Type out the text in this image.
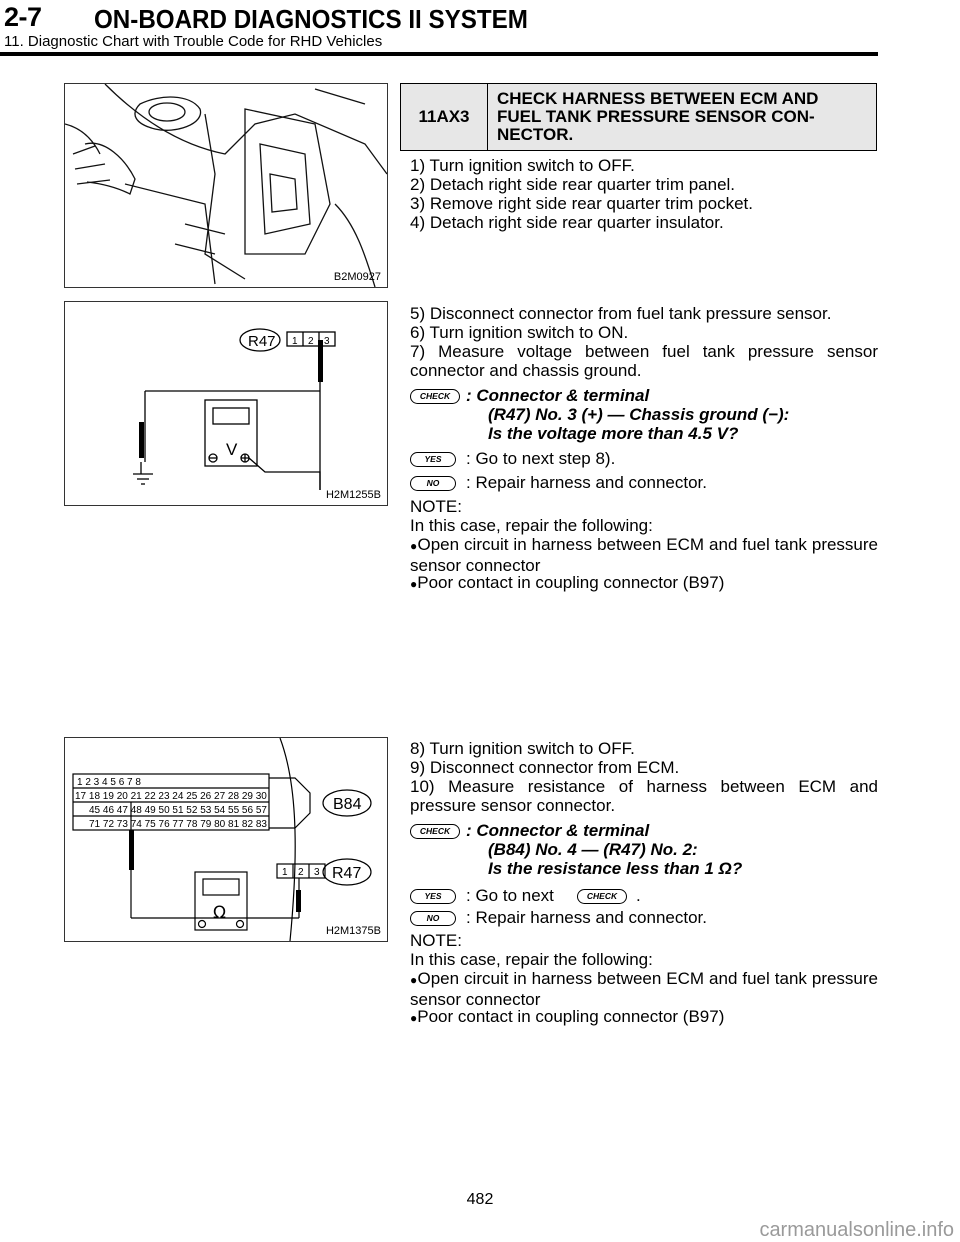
2-7 ON-BOARD DIAGNOSTICS II SYSTEM
11. Diagnostic Chart with Trouble Code for RHD Vehicles
B2M0927
11AX3
CHECK HARNESS BETWEEN ECM AND FUEL TANK PRESSURE SENSOR CON-NECTOR.
1) Turn ignition switch to OFF.
2) Detach right side rear quarter trim panel.
3) Remove right side rear quarter trim pocket.
4) Detach right side rear quarter insulator.
R47 1 2 3
V
H2M1255B
5) Disconnect connector from fuel tank pressure sensor.
6) Turn ignition switch to ON.
7) Measure voltage between fuel tank pressure sensor connector and chassis ground.
CHECK : Connector & terminal
(R47) No. 3 (+) — Chassis ground (−):
Is the voltage more than 4.5 V?
YES	: Go to next step 8).
NO	: Repair harness and connector.
NOTE:
In this case, repair the following:
●Open circuit in harness between ECM and fuel tank pressure sensor connector
●Poor contact in coupling connector (B97)
1 2 3 4 5 6 7 8
17 18 19 20 21 22 23 24 25 26 27 28 29 30
45 46 47 48 49 50 51 52 53 54 55 56 57
71 72 73 74 75 76 77 78 79 80 81 82 83
1 2 3
B84
R47
Ω
H2M1375B
8) Turn ignition switch to OFF.
9) Disconnect connector from ECM.
10) Measure resistance of harness between ECM and pressure sensor connector.
CHECK : Connector & terminal
(B84) No. 4 — (R47) No. 2:
Is the resistance less than 1 Ω?
YES	: Go to next	CHECK	.
NO	: Repair harness and connector.
NOTE:
In this case, repair the following:
●Open circuit in harness between ECM and fuel tank pressure sensor connector
●Poor contact in coupling connector (B97)
482
carmanualsonline.info
